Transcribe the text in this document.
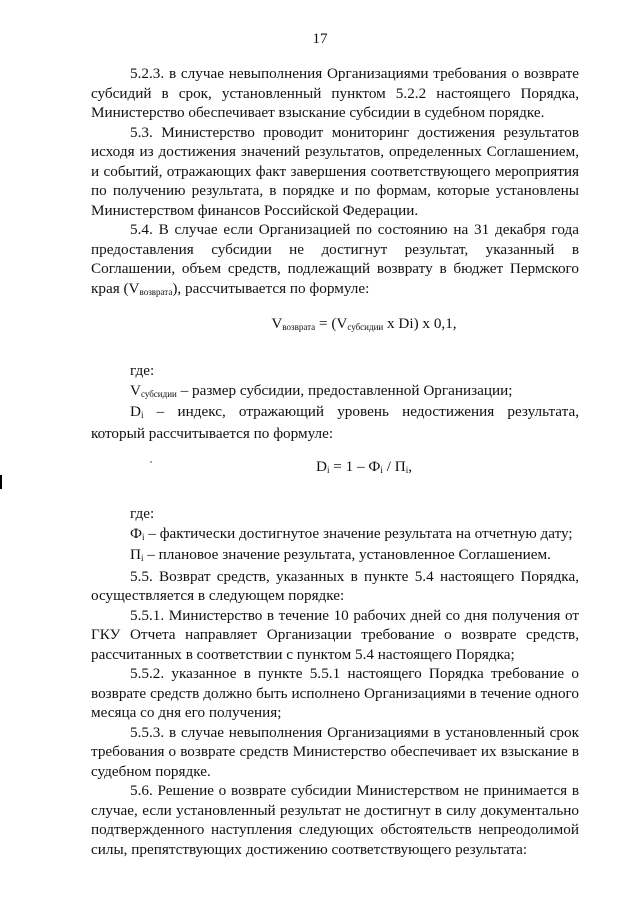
17

5.2.3. в случае невыполнения Организациями требования о возврате субсидий в срок, установленный пунктом 5.2.2 настоящего Порядка, Министерство обеспечивает взыскание субсидии в судебном порядке.

5.3. Министерство проводит мониторинг достижения результатов исходя из достижения значений результатов, определенных Соглашением, и событий, отражающих факт завершения соответствующего мероприятия по получению результата, в порядке и по формам, которые установлены Министерством финансов Российской Федерации.

5.4. В случае если Организацией по состоянию на 31 декабря года предоставления субсидии не достигнут результат, указанный в Соглашении, объем средств, подлежащий возврату в бюджет Пермского края (Vвозврата), рассчитывается по формуле:

Vвозврата = (Vсубсидии x Di) x 0,1,

где:

Vсубсидии – размер субсидии, предоставленной Организации;

Di – индекс, отражающий уровень недостижения результата, который рассчитывается по формуле:

Di = 1 – Фi / Пi,

где:

Фi – фактически достигнутое значение результата на отчетную дату;

Пi – плановое значение результата, установленное Соглашением.

5.5. Возврат средств, указанных в пункте 5.4 настоящего Порядка, осуществляется в следующем порядке:

5.5.1. Министерство в течение 10 рабочих дней со дня получения от ГКУ Отчета направляет Организации требование о возврате средств, рассчитанных в соответствии с пунктом 5.4 настоящего Порядка;

5.5.2. указанное в пункте 5.5.1 настоящего Порядка требование о возврате средств должно быть исполнено Организациями в течение одного месяца со дня его получения;

5.5.3. в случае невыполнения Организациями в установленный срок требования о возврате средств Министерство обеспечивает их взыскание в судебном порядке.

5.6. Решение о возврате субсидии Министерством не принимается в случае, если установленный результат не достигнут в силу документально подтвержденного наступления следующих обстоятельств непреодолимой силы, препятствующих достижению соответствующего результата:
